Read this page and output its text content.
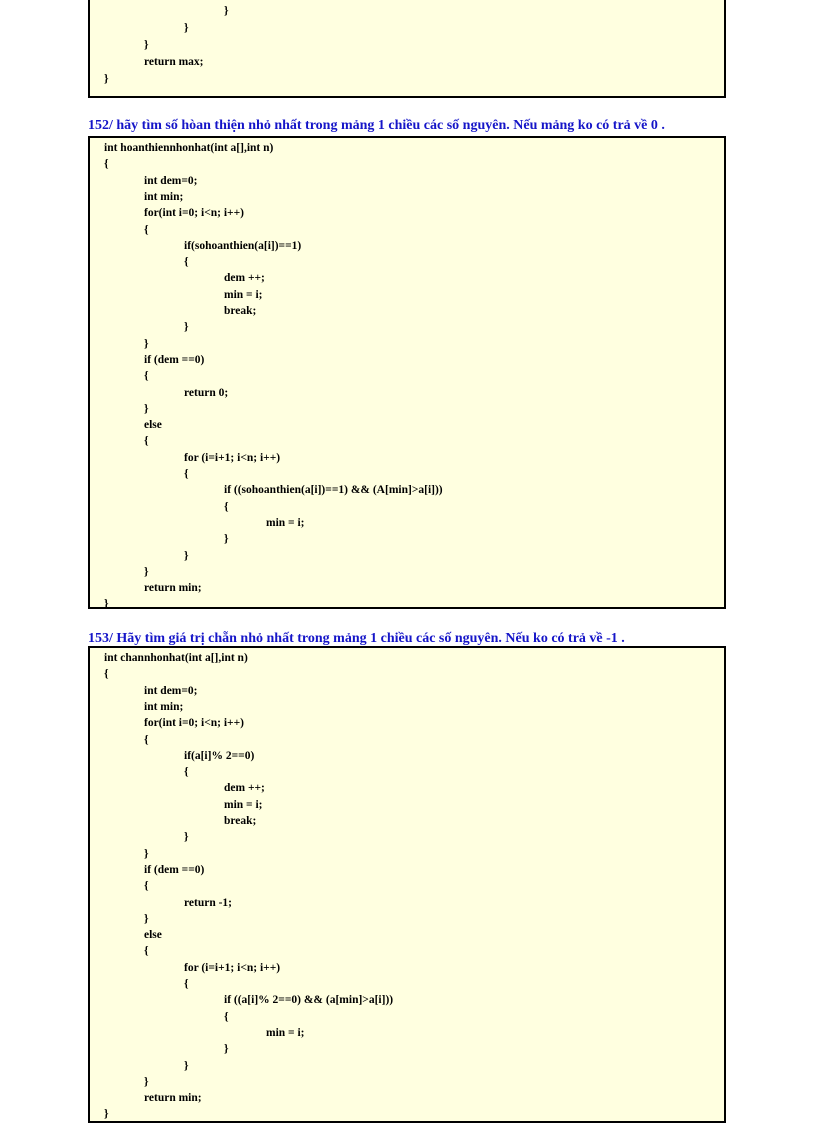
}
}
}
return max;
}
152/ hãy tìm số hòan thiện nhỏ nhất trong mảng 1 chiều các số nguyên. Nếu mảng ko có trả về 0 .
int hoanthiennhonhat(int a[],int n)
{
int dem=0;
int min;
for(int i=0; i<n; i++)
{
if(sohoanthien(a[i])==1)
{
dem ++;
min = i;
break;
}
}
if (dem ==0)
{
return 0;
}
else
{
for (i=i+1; i<n; i++)
{
if ((sohoanthien(a[i])==1) && (A[min]>a[i]))
{
min = i;
}
}
}
return min;
}
153/ Hãy tìm giá trị chẵn nhỏ nhất trong mảng 1 chiều các số nguyên. Nếu ko có trả về -1 .
int channhonhat(int a[],int n)
{
int dem=0;
int min;
for(int i=0; i<n; i++)
{
if(a[i]% 2==0)
{
dem ++;
min = i;
break;
}
}
if (dem ==0)
{
return -1;
}
else
{
for (i=i+1; i<n; i++)
{
if ((a[i]% 2==0) && (a[min]>a[i]))
{
min = i;
}
}
}
return min;
}
